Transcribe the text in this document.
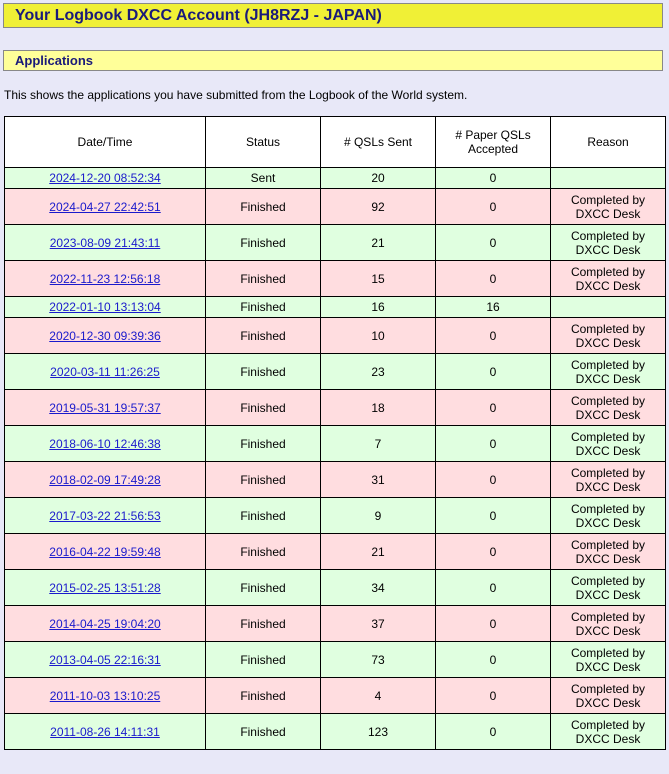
Your Logbook DXCC Account (JH8RZJ - JAPAN)
Applications
This shows the applications you have submitted from the Logbook of the World system.
Date/Time	Status	# QSLs Sent	# Paper QSLs Accepted	Reason
2024-12-20 08:52:34	Sent	20	0	
2024-04-27 22:42:51	Finished	92	0	Completed by DXCC Desk
2023-08-09 21:43:11	Finished	21	0	Completed by DXCC Desk
2022-11-23 12:56:18	Finished	15	0	Completed by DXCC Desk
2022-01-10 13:13:04	Finished	16	16	
2020-12-30 09:39:36	Finished	10	0	Completed by DXCC Desk
2020-03-11 11:26:25	Finished	23	0	Completed by DXCC Desk
2019-05-31 19:57:37	Finished	18	0	Completed by DXCC Desk
2018-06-10 12:46:38	Finished	7	0	Completed by DXCC Desk
2018-02-09 17:49:28	Finished	31	0	Completed by DXCC Desk
2017-03-22 21:56:53	Finished	9	0	Completed by DXCC Desk
2016-04-22 19:59:48	Finished	21	0	Completed by DXCC Desk
2015-02-25 13:51:28	Finished	34	0	Completed by DXCC Desk
2014-04-25 19:04:20	Finished	37	0	Completed by DXCC Desk
2013-04-05 22:16:31	Finished	73	0	Completed by DXCC Desk
2011-10-03 13:10:25	Finished	4	0	Completed by DXCC Desk
2011-08-26 14:11:31	Finished	123	0	Completed by DXCC Desk
